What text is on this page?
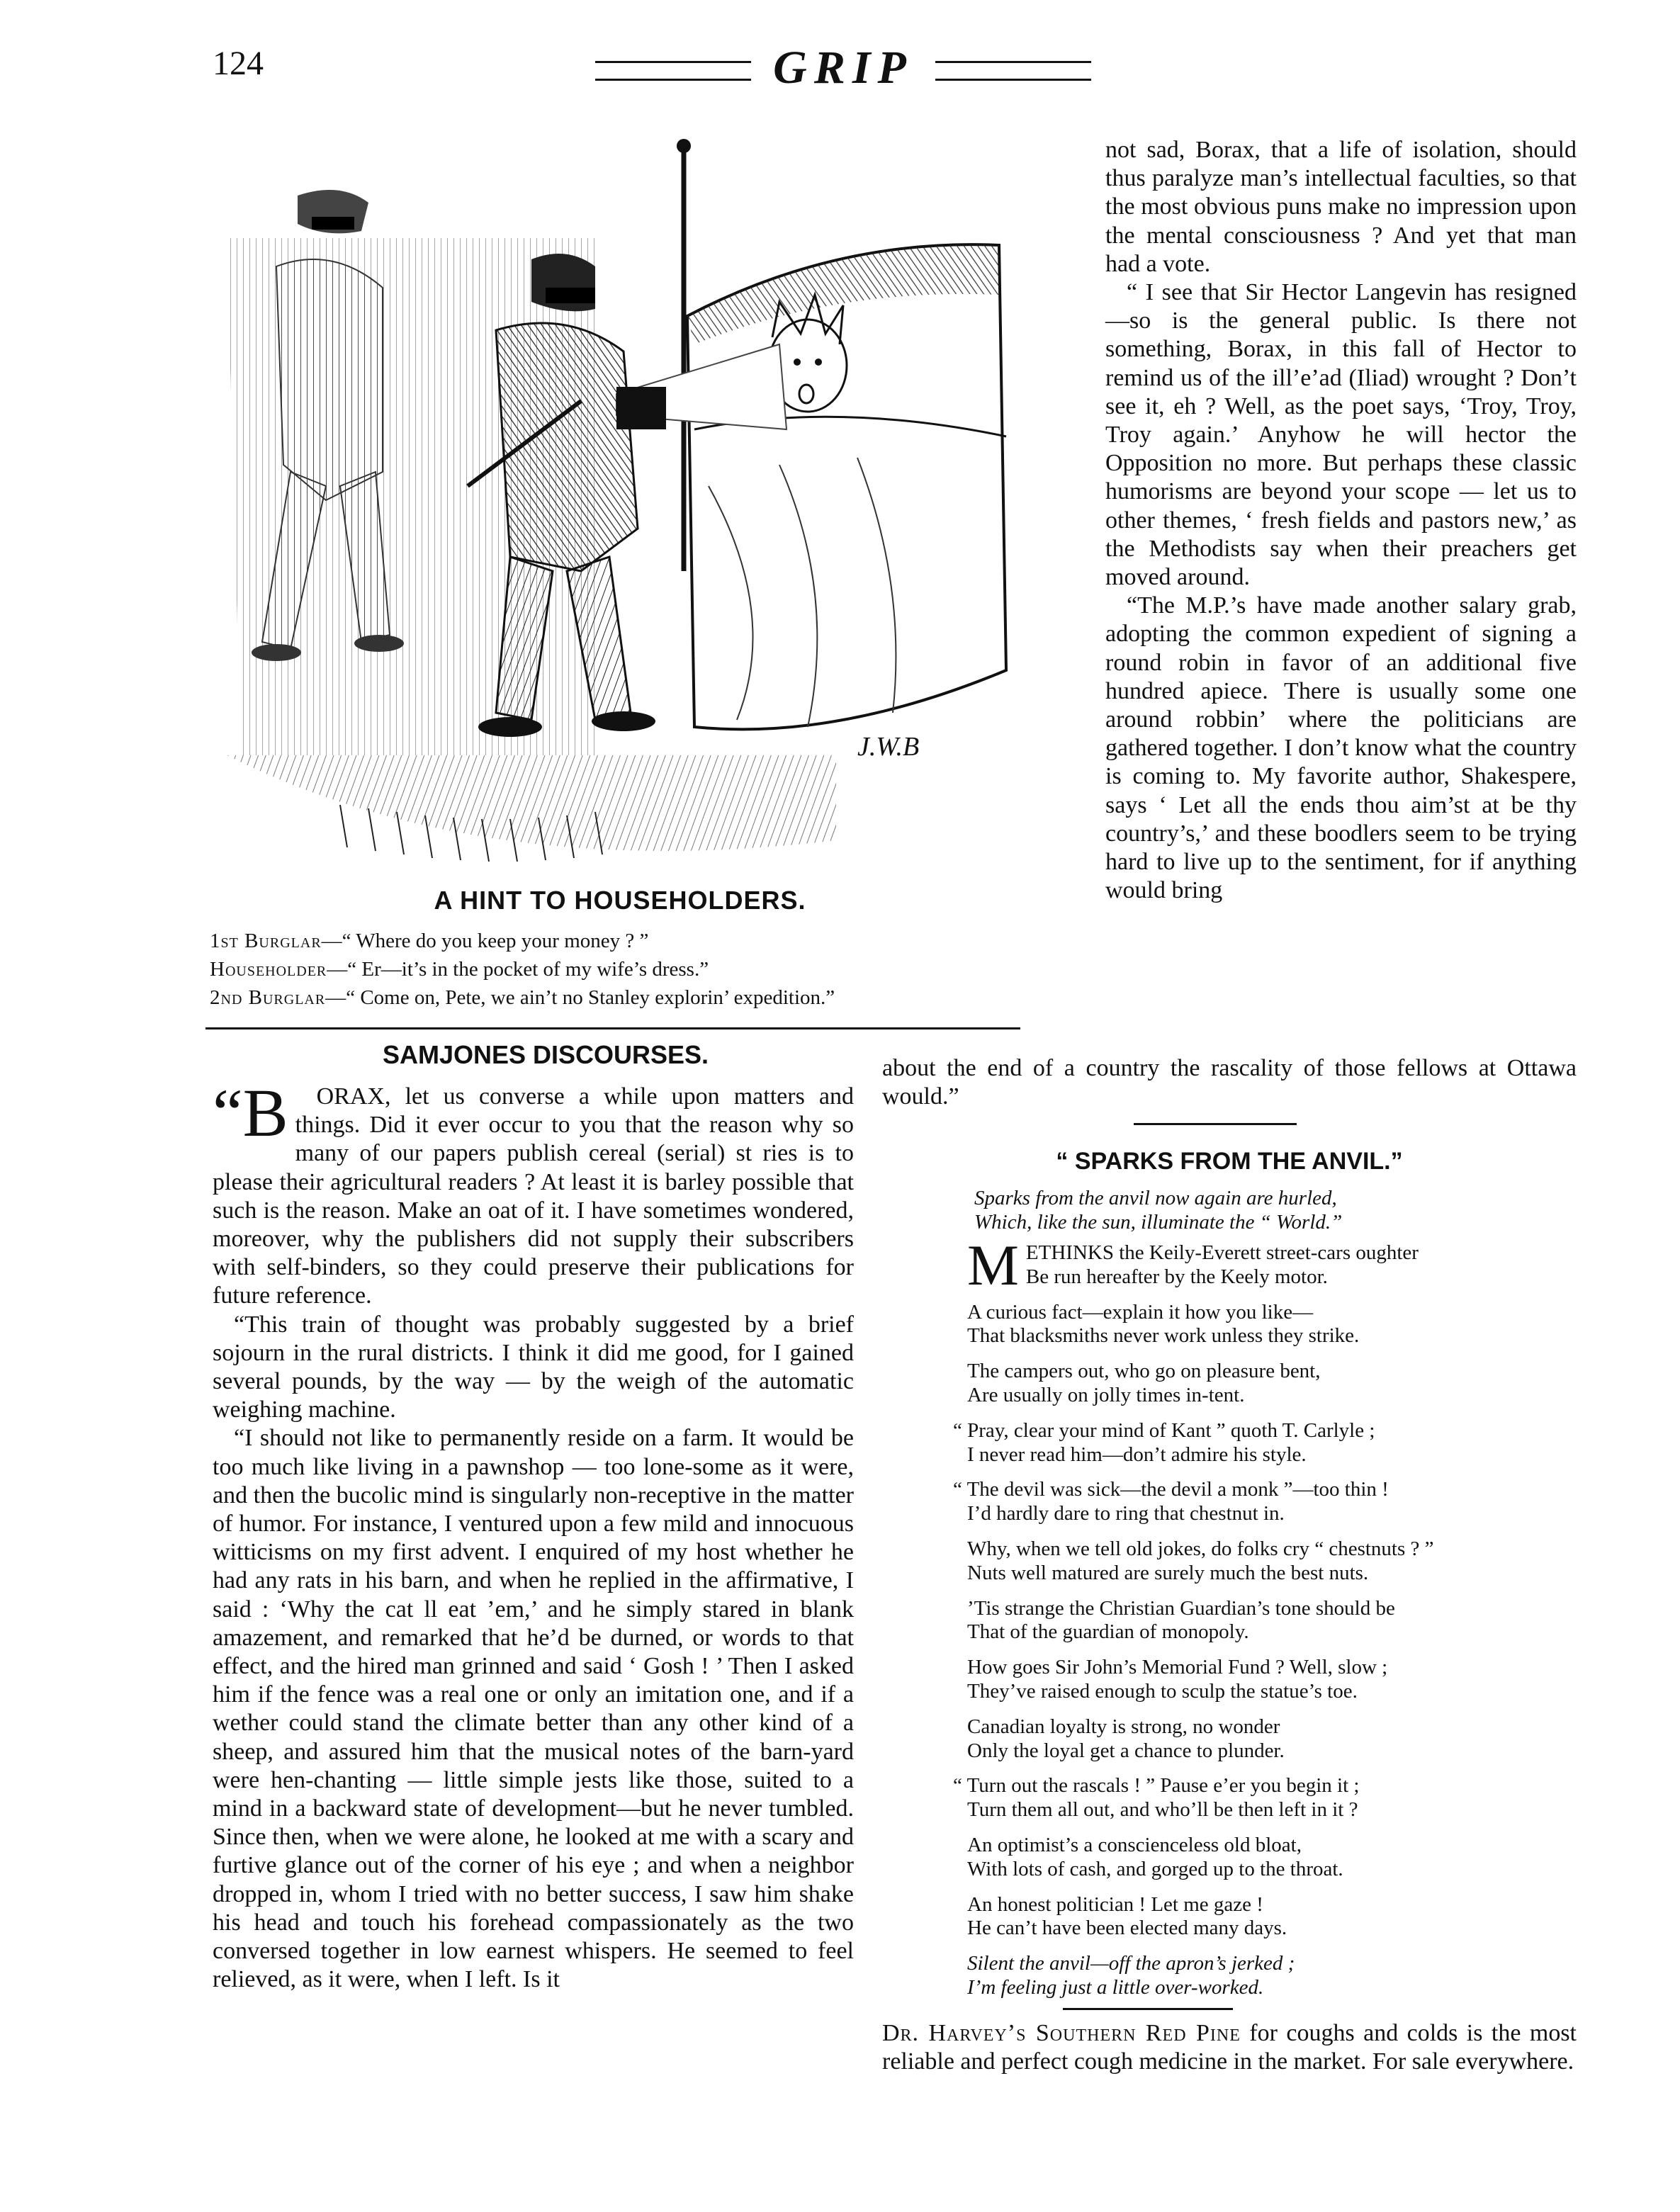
124	GRIP
J.W.B
A HINT TO HOUSEHOLDERS.
1st Burglar—“ Where do you keep your money ? ”
Householder—“ Er—it’s in the pocket of my wife’s dress.”
2nd Burglar—“ Come on, Pete, we ain’t no Stanley explorin’ expedition.”

not sad, Borax, that a life of isolation, should thus paralyze man’s intellectual faculties, so that the most obvious puns make no impression upon the mental consciousness ? And yet that man had a vote.

“ I see that Sir Hector Langevin has resigned—so is the general public. Is there not something, Borax, in this fall of Hector to remind us of the ill’e’ad (Iliad) wrought ? Don’t see it, eh ? Well, as the poet says, ‘Troy, Troy, Troy again.’ Anyhow he will hector the Opposition no more. But perhaps these classic humorisms are beyond your scope — let us to other themes, ‘ fresh fields and pastors new,’ as the Methodists say when their preachers get moved around.

“The M.P.’s have made another salary grab, adopting the common expedient of signing a round robin in favor of an additional five hundred apiece. There is usually some one around robbin’ where the politicians are gathered together. I don’t know what the country is coming to. My favorite author, Shakespere, says ‘ Let all the ends thou aim’st at be thy country’s,’ and these boodlers seem to be trying hard to live up to the sentiment, for if anything would bring

about the end of a country the rascality of those fellows at Ottawa would.”
SAMJONES DISCOURSES.

“B ORAX, let us converse a while upon matters and things. Did it ever occur to you that the reason why so many of our papers publish cereal (serial) st ries is to please their agricultural readers ? At least it is barley possible that such is the reason. Make an oat of it. I have sometimes wondered, moreover, why the publishers did not supply their subscribers with self-binders, so they could preserve their publications for future reference.

“This train of thought was probably suggested by a brief sojourn in the rural districts. I think it did me good, for I gained several pounds, by the way — by the weigh of the automatic weighing machine.

“I should not like to permanently reside on a farm. It would be too much like living in a pawnshop — too lone-some as it were, and then the bucolic mind is singularly non-receptive in the matter of humor. For instance, I ventured upon a few mild and innocuous witticisms on my first advent. I enquired of my host whether he had any rats in his barn, and when he replied in the affirmative, I said : ‘Why the cat ll eat ’em,’ and he simply stared in blank amazement, and remarked that he’d be durned, or words to that effect, and the hired man grinned and said ‘ Gosh ! ’ Then I asked him if the fence was a real one or only an imitation one, and if a wether could stand the climate better than any other kind of a sheep, and assured him that the musical notes of the barn-yard were hen-chanting — little simple jests like those, suited to a mind in a backward state of development—but he never tumbled. Since then, when we were alone, he looked at me with a scary and furtive glance out of the corner of his eye ; and when a neighbor dropped in, whom I tried with no better success, I saw him shake his head and touch his forehead compassionately as the two conversed together in low earnest whispers. He seemed to feel relieved, as it were, when I left. Is it

“ SPARKS FROM THE ANVIL.”
Sparks from the anvil now again are hurled,
Which, like the sun, illuminate the “ World.”
M ETHINKS the Keily-Everett street-cars oughter
Be run hereafter by the Keely motor.
A curious fact—explain it how you like—
That blacksmiths never work unless they strike.
The campers out, who go on pleasure bent,
Are usually on jolly times in-tent.
“ Pray, clear your mind of Kant ” quoth T. Carlyle ;
I never read him—don’t admire his style.
“ The devil was sick—the devil a monk ”—too thin !
I’d hardly dare to ring that chestnut in.
Why, when we tell old jokes, do folks cry “ chestnuts ? ”
Nuts well matured are surely much the best nuts.
’Tis strange the Christian Guardian’s tone should be
That of the guardian of monopoly.
How goes Sir John’s Memorial Fund ? Well, slow ;
They’ve raised enough to sculp the statue’s toe.
Canadian loyalty is strong, no wonder
Only the loyal get a chance to plunder.
“ Turn out the rascals ! ” Pause e’er you begin it ;
Turn them all out, and who’ll be then left in it ?
An optimist’s a conscienceless old bloat,
With lots of cash, and gorged up to the throat.
An honest politician ! Let me gaze !
He can’t have been elected many days.
Silent the anvil—off the apron’s jerked ;
I’m feeling just a little over-worked.
Dr. Harvey’s Southern Red Pine for coughs and colds is the most reliable and perfect cough medicine in the market. For sale everywhere.
